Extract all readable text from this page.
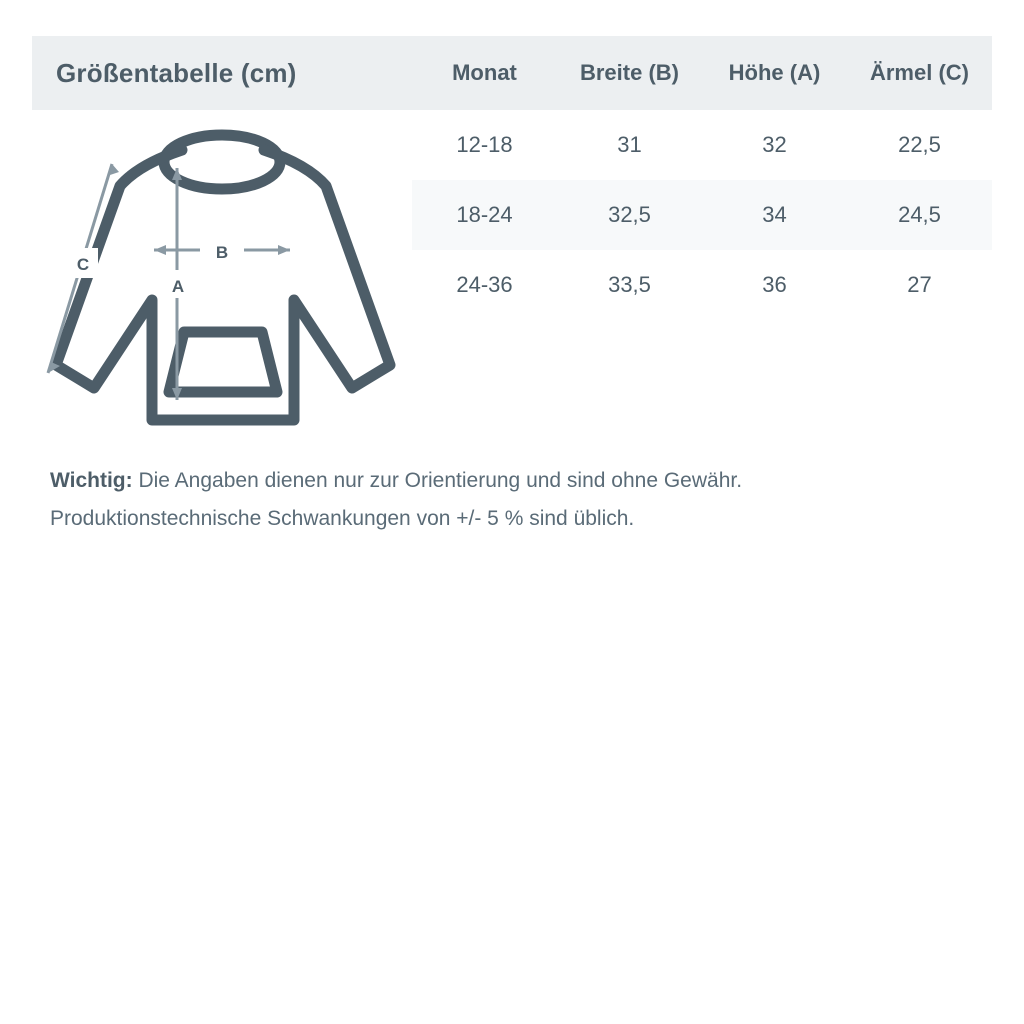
Größentabelle (cm)
B
A
C
Monat	Breite (B)	Höhe (A)	Ärmel (C)
12-18	31	32	22,5
18-24	32,5	34	24,5
24-36	33,5	36	27
Wichtig: Die Angaben dienen nur zur Orientierung und sind ohne Gewähr.
Produktionstechnische Schwankungen von +/- 5 % sind üblich.
